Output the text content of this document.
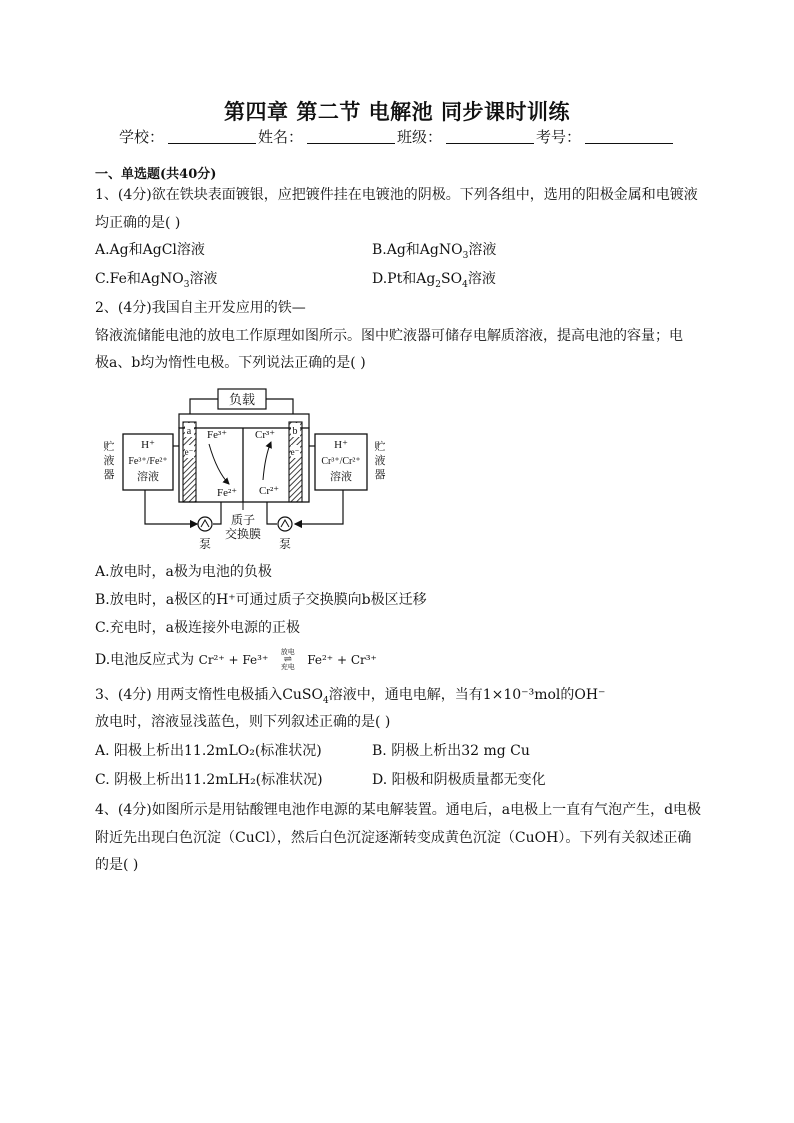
第四章 第二节 电解池 同步课时训练
学校：	姓名：	班级：	考号：
一、单选题(共40分)
1、(4分)欲在铁块表面镀银，应把镀件挂在电镀池的阴极。下列各组中，选用的阳极金属和电镀液
均正确的是( )
A.Ag和AgCl溶液	B.Ag和AgNO$_3$溶液
C.Fe和AgNO$_3$溶液	D.Pt和$Ag_2SO_4$溶液
2、(4分)我国自主开发应用的铁—
铬液流储能电池的放电工作原理如图所示。图中贮液器可储存电解质溶液，提高电池的容量；电
极a、b均为惰性电极。下列说法正确的是( )
负载
a
e⁻
b
e⁻
Fe³⁺
Fe²⁺
Cr³⁺
Cr²⁺
H⁺
Fe³⁺/Fe²⁺
溶液
H⁺
Cr³⁺/Cr²⁺
溶液
贮
液
器
贮
液
器
泵	泵
质子
交换膜
A.放电时，a极为电池的负极
B.放电时，a极区的H⁺可通过质子交换膜向b极区迁移
C.充电时，a极连接外电源的正极
D.电池反应式为 Cr²⁺ + Fe³⁺ 放电
⇌
充电 Fe²⁺ + Cr³⁺
3、(4分) 用两支惰性电极插入CuSO$_4$溶液中，通电电解，当有1×10⁻³mol的OH⁻
放电时，溶液显浅蓝色，则下列叙述正确的是( )
A. 阳极上析出11.2mLO₂(标准状况)	B. 阴极上析出32 mg Cu
C. 阴极上析出11.2mLH₂(标准状况)	D. 阳极和阴极质量都无变化
4、(4分)如图所示是用钴酸锂电池作电源的某电解装置。通电后，a电极上一直有气泡产生，d电极
附近先出现白色沉淀（CuCl），然后白色沉淀逐渐转变成黄色沉淀（CuOH）。下列有关叙述正确
的是( )
